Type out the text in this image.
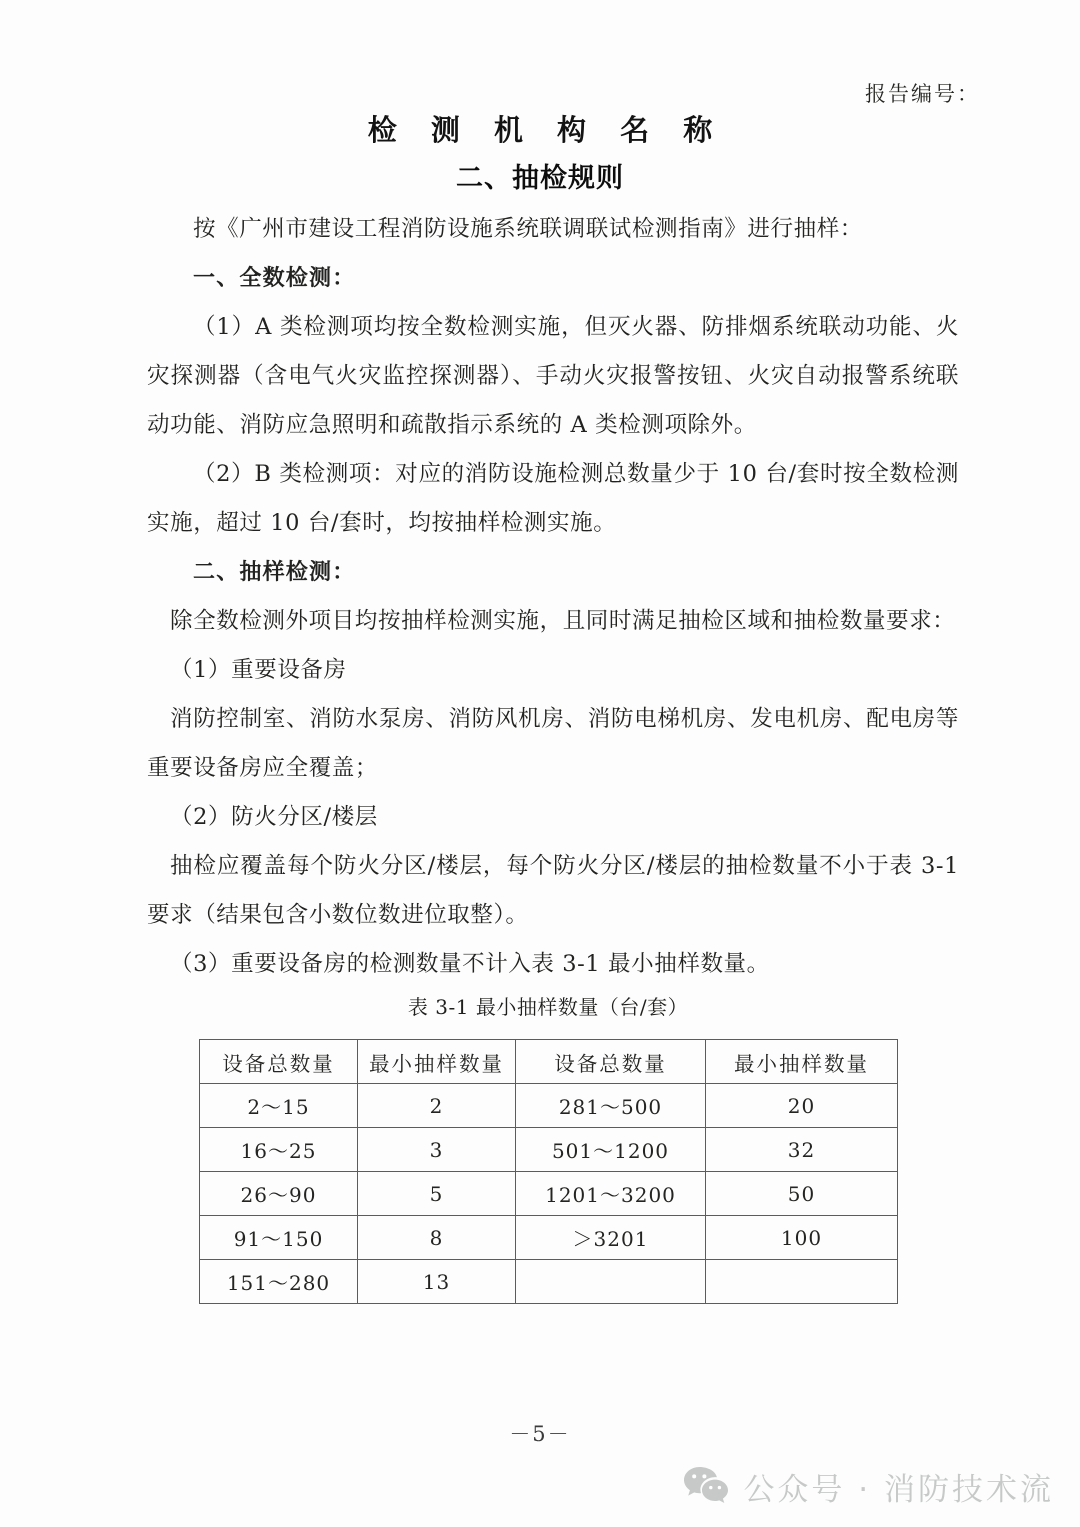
报告编号：
检 测 机 构 名 称
二、抽检规则

按《广州市建设工程消防设施系统联调联试检测指南》进行抽样：

一、全数检测：

（1）A 类检测项均按全数检测实施，但灭火器、防排烟系统联动功能、火灾探测器（含电气火灾监控探测器）、手动火灾报警按钮、火灾自动报警系统联动功能、消防应急照明和疏散指示系统的 A 类检测项除外。

（2）B 类检测项：对应的消防设施检测总数量少于 10 台/套时按全数检测实施，超过 10 台/套时，均按抽样检测实施。

二、抽样检测：

除全数检测外项目均按抽样检测实施，且同时满足抽检区域和抽检数量要求：

（1）重要设备房

消防控制室、消防水泵房、消防风机房、消防电梯机房、发电机房、配电房等重要设备房应全覆盖；

（2）防火分区/楼层

抽检应覆盖每个防火分区/楼层，每个防火分区/楼层的抽检数量不小于表 3-1 要求（结果包含小数位数进位取整）。

（3）重要设备房的检测数量不计入表 3-1 最小抽样数量。

表 3-1 最小抽样数量（台/套）
设备总数量	最小抽样数量	设备总数量	最小抽样数量
2～15	2	281～500	20
16～25	3	501～1200	32
26～90	5	1201～3200	50
91～150	8	＞3201	100
151～280	13		
－5－
公众号 · 消防技术流
